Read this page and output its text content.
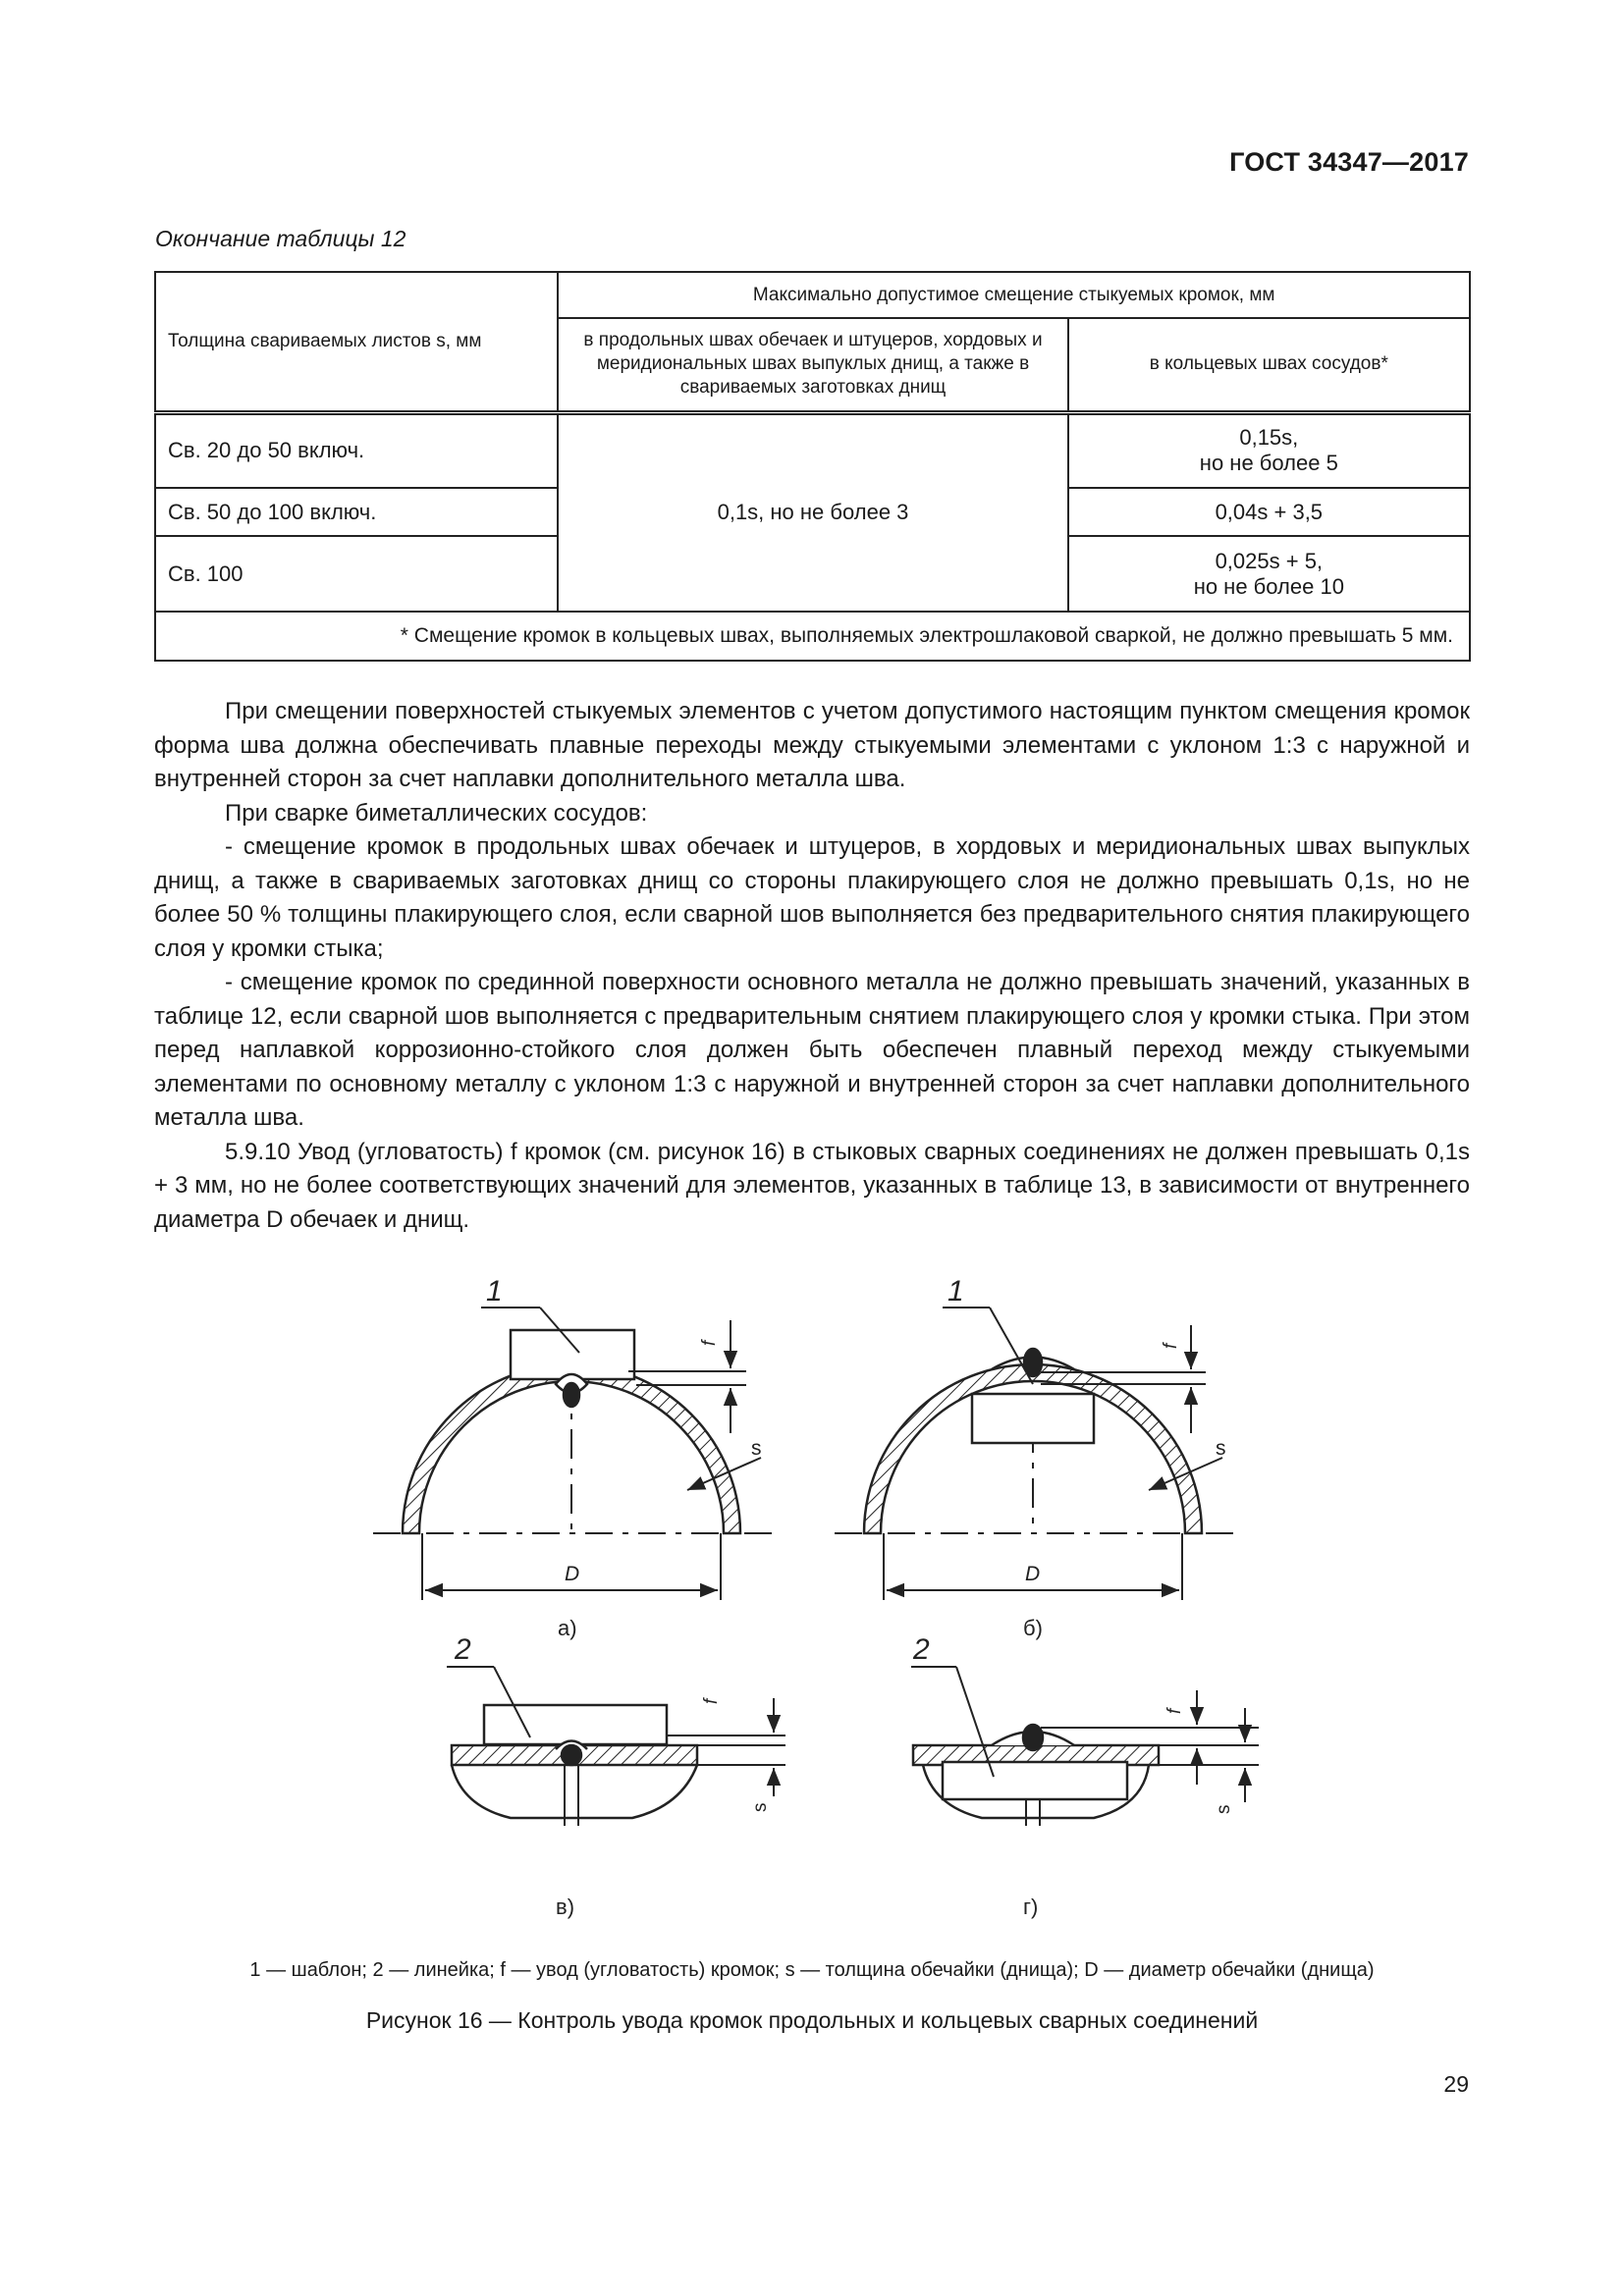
ГОСТ 34347—2017
Окончание таблицы 12
Толщина свариваемых листов s, мм	Максимально допустимое смещение стыкуемых кромок, мм	
	в продольных швах обечаек и штуцеров, хордовых и меридиональных швах выпуклых днищ, а также в свариваемых заготовках днищ	в кольцевых швах сосудов*
Св. 20 до 50 включ.	0,1s, но не более 3	0,15s,
но не более 5
Св. 50 до 100 включ.		0,04s + 3,5
Св. 100		0,025s + 5,
но не более 10
* Смещение кромок в кольцевых швах, выполняемых электрошлаковой сваркой, не должно превышать 5 мм.		

При смещении поверхностей стыкуемых элементов с учетом допустимого настоящим пунктом смещения кромок форма шва должна обеспечивать плавные переходы между стыкуемыми элементами с уклоном 1:3 с наружной и внутренней сторон за счет наплавки дополнительного металла шва.

При сварке биметаллических сосудов:

- смещение кромок в продольных швах обечаек и штуцеров, в хордовых и меридиональных швах выпуклых днищ, а также в свариваемых заготовках днищ со стороны плакирующего слоя не должно превышать 0,1s, но не более 50 % толщины плакирующего слоя, если сварной шов выполняется без предварительного снятия плакирующего слоя у кромки стыка;

- смещение кромок по срединной поверхности основного металла не должно превышать значений, указанных в таблице 12, если сварной шов выполняется с предварительным снятием плакирующего слоя у кромки стыка. При этом перед наплавкой коррозионно-стойкого слоя должен быть обеспечен плавный переход между стыкуемыми элементами по основному металлу с уклоном 1:3 с наружной и внутренней сторон за счет наплавки дополнительного металла шва.

5.9.10 Увод (угловатость) f кромок (см. рисунок 16) в стыковых сварных соединениях не должен превышать 0,1s + 3 мм, но не более соответствующих значений для элементов, указанных в таблице 13, в зависимости от внутреннего диаметра D обечаек и днищ.

1
f
s
D
а)
1
f
s
D
б)
2
f
s
в)
2
f
s
г)
1 — шаблон; 2 — линейка; f — увод (угловатость) кромок; s — толщина обечайки (днища); D — диаметр обечайки (днища)
Рисунок 16 — Контроль увода кромок продольных и кольцевых сварных соединений
29
